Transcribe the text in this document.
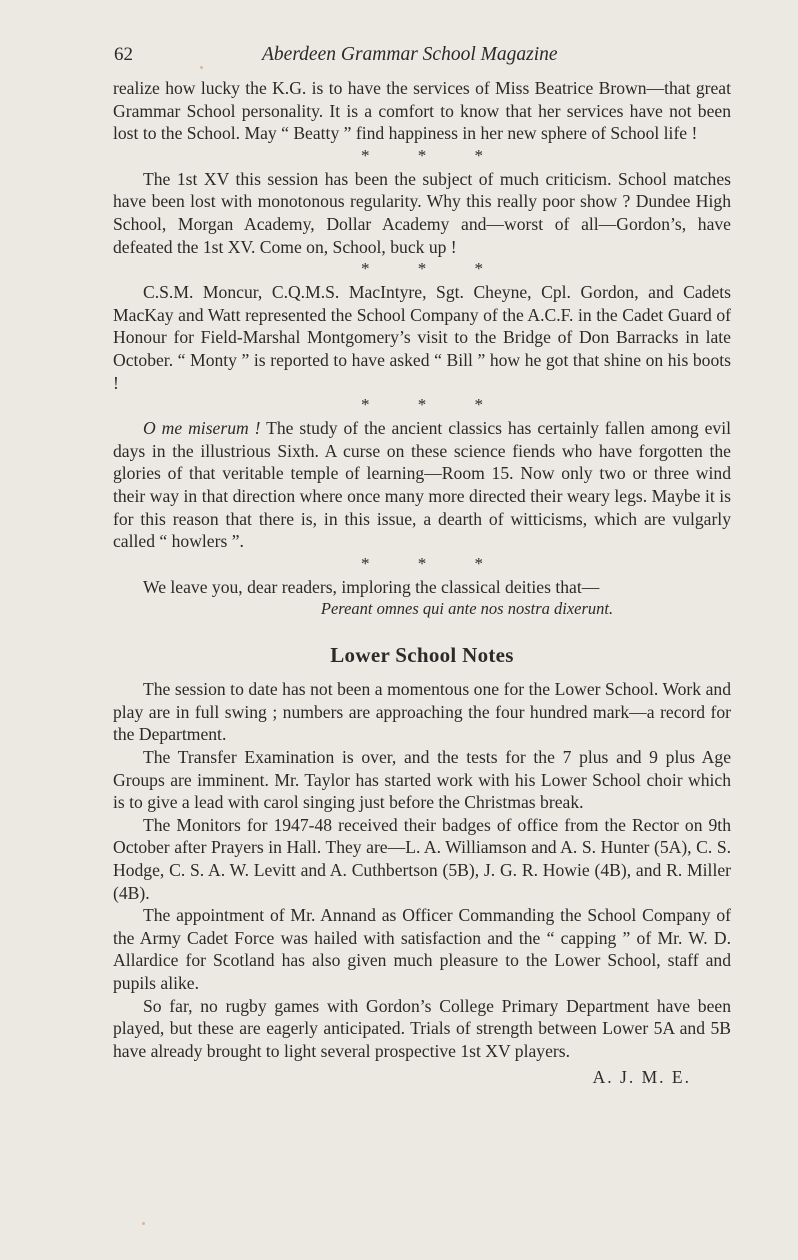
62	Aberdeen Grammar School Magazine

realize how lucky the K.G. is to have the services of Miss Beatrice Brown—that great Grammar School personality. It is a comfort to know that her services have not been lost to the School. May “ Beatty ” find happiness in her new sphere of School life !

* * *

The 1st XV this session has been the subject of much criticism. School matches have been lost with monotonous regularity. Why this really poor show ? Dundee High School, Morgan Academy, Dollar Academy and—worst of all—Gordon’s, have defeated the 1st XV. Come on, School, buck up !

* * *

C.S.M. Moncur, C.Q.M.S. MacIntyre, Sgt. Cheyne, Cpl. Gordon, and Cadets MacKay and Watt represented the School Company of the A.C.F. in the Cadet Guard of Honour for Field-Marshal Montgomery’s visit to the Bridge of Don Barracks in late October. “ Monty ” is reported to have asked “ Bill ” how he got that shine on his boots !

* * *

O me miserum ! The study of the ancient classics has certainly fallen among evil days in the illustrious Sixth. A curse on these science fiends who have forgotten the glories of that veritable temple of learning—Room 15. Now only two or three wind their way in that direction where once many more directed their weary legs. Maybe it is for this reason that there is, in this issue, a dearth of witticisms, which are vulgarly called “ howlers ”.

* * *

We leave you, dear readers, imploring the classical deities that—

Pereant omnes qui ante nos nostra dixerunt.
Lower School Notes

The session to date has not been a momentous one for the Lower School. Work and play are in full swing ; numbers are approaching the four hundred mark—a record for the Department.

The Transfer Examination is over, and the tests for the 7 plus and 9 plus Age Groups are imminent. Mr. Taylor has started work with his Lower School choir which is to give a lead with carol singing just before the Christmas break.

The Monitors for 1947-48 received their badges of office from the Rector on 9th October after Prayers in Hall. They are—L. A. Williamson and A. S. Hunter (5A), C. S. Hodge, C. S. A. W. Levitt and A. Cuthbertson (5B), J. G. R. Howie (4B), and R. Miller (4B).

The appointment of Mr. Annand as Officer Commanding the School Company of the Army Cadet Force was hailed with satisfaction and the “ capping ” of Mr. W. D. Allardice for Scotland has also given much pleasure to the Lower School, staff and pupils alike.

So far, no rugby games with Gordon’s College Primary Department have been played, but these are eagerly anticipated. Trials of strength between Lower 5A and 5B have already brought to light several prospective 1st XV players.

A. J. M. E.
